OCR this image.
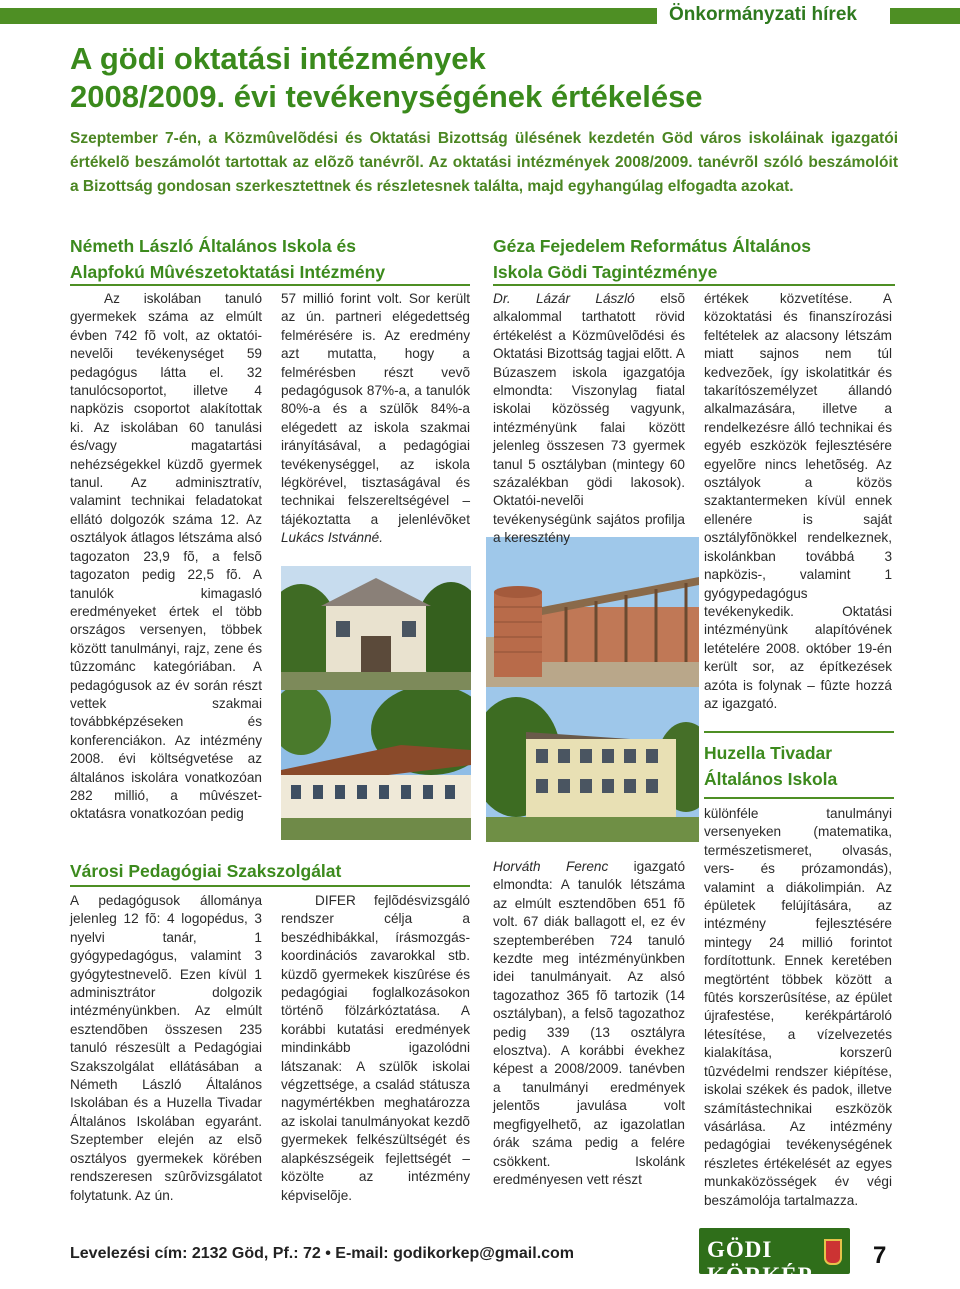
Önkormányzati hírek
A gödi oktatási intézmények
2008/2009. évi tevékenységének értékelése

Szeptember 7-én, a Közmûvelõdési és Oktatási Bizottság ülésének kezdetén Göd város iskoláinak igazgatói értékelõ beszámolót tartottak az elõzõ tanévrõl. Az oktatási intézmények 2008/2009. tanévrõl szóló beszámolóit a Bizottság gondosan szerkesztettnek és részletesnek találta, majd egyhangúlag elfogadta azokat.

Németh László Általános Iskola és
Alapfokú Mûvészetoktatási Intézmény
Géza Fejedelem Református Általános
Iskola Gödi Tagintézménye

Az iskolában tanuló gyermekek száma az elmúlt évben 742 fõ volt, az oktatói-nevelõi tevékenységet 59 pedagógus látta el. 32 tanulócsoportot, illetve 4 napközis csoportot alakítottak ki. Az iskolában 60 tanulási és/vagy magatartási nehézségekkel küzdõ gyermek tanul. Az adminisztratív, valamint technikai feladatokat ellátó dolgozók száma 12. Az osztályok átlagos létszáma alsó tagozaton 23,9 fõ, a felsõ tagozaton pedig 22,5 fõ. A tanulók kimagasló eredményeket értek el több országos versenyen, többek között tanulmányi, rajz, zene és tûzzománc kategóriában. A pedagógusok az év során részt vettek szakmai továbbképzéseken és konferenciákon. Az intézmény 2008. évi költségvetése az általános iskolára vonatkozóan 282 millió, a mûvészet-oktatásra vonatkozóan pedig

57 millió forint volt. Sor került az ún. partneri elégedettség felmérésére is. Az eredmény azt mutatta, hogy a felmérésben részt vevõ pedagógusok 87%-a, a tanulók 80%-a és a szülõk 84%-a elégedett az iskola szakmai irányításával, a pedagógiai tevékenységgel, az iskola légkörével, tisztaságával és technikai felszereltségével – tájékoztatta a jelenlévõket Lukács Istvánné.

Dr. Lázár László elsõ alkalommal tarthatott rövid értékelést a Közmûvelõdési és Oktatási Bizottság tagjai elõtt. A Búzaszem iskola igazgatója elmondta: Viszonylag fiatal iskolai közösség vagyunk, intézményünk falai között jelenleg összesen 73 gyermek tanul 5 osztályban (mintegy 60 százalékban gödi lakosok). Oktatói-nevelõi tevékenységünk sajátos profilja a keresztény

értékek közvetítése. A közoktatási és finanszírozási feltételek az alacsony létszám miatt sajnos nem túl kedvezõek, így iskolatitkár és takarítószemélyzet állandó alkalmazására, illetve a rendelkezésre álló technikai és egyéb eszközök fejlesztésére egyelõre nincs lehetõség. Az osztályok a közös szaktantermeken kívül ennek ellenére is saját osztályfõnökkel rendelkeznek, iskolánkban továbbá 3 napközis-, valamint 1 gyógypedagógus tevékenykedik. Oktatási intézményünk alapítóvének letételére 2008. október 19-én került sor, az építkezések azóta is folynak – fûzte hozzá az igazgató.

Huzella Tivadar
Általános Iskola

Horváth Ferenc igazgató elmondta: A tanulók létszáma az elmúlt esztendõben 651 fõ volt. 67 diák ballagott el, ez év szeptemberében 724 tanuló kezdte meg intézményünkben idei tanulmányait. Az alsó tagozathoz 365 fõ tartozik (14 osztályban), a felsõ tagozathoz pedig 339 (13 osztályra elosztva). A korábbi évekhez képest a 2008/2009. tanévben a tanulmányi eredmények jelentõs javulása volt megfigyelhetõ, az igazolatlan órák száma pedig a felére csökkent. Iskolánk eredményesen vett részt

különféle tanulmányi versenyeken (matematika, természetismeret, olvasás, vers- és prózamondás), valamint a diákolimpián. Az épületek felújítására, az intézmény fejlesztésére mintegy 24 millió forintot fordítottunk. Ennek keretében megtörtént többek között a fûtés korszerûsítése, az épület újrafestése, kerékpártároló létesítése, a vízelvezetés kialakítása, korszerû tûzvédelmi rendszer kiépítése, iskolai székek és padok, illetve számítástechnikai eszközök vásárlása. Az intézmény pedagógiai tevékenységének részletes értékelését az egyes munkaközösségek év végi beszámolója tartalmazza.

Városi Pedagógiai Szakszolgálat

A pedagógusok állománya jelenleg 12 fõ: 4 logopédus, 3 nyelvi tanár, 1 gyógypedagógus, valamint 3 gyógytestnevelõ. Ezen kívül 1 adminisztrátor dolgozik intézményünkben. Az elmúlt esztendõben összesen 235 tanuló részesült a Pedagógiai Szakszolgálat ellátásában a Németh László Általános Iskolában és a Huzella Tivadar Általános Iskolában egyaránt. Szeptember elején az elsõ osztályos gyermekek körében rendszeresen szûrõvizsgálatot folytatunk. Az ún.

DIFER fejlõdésvizsgáló rendszer célja a beszédhibákkal, írásmozgás-koordinációs zavarokkal stb. küzdõ gyermekek kiszûrése és pedagógiai foglalkozásokon történõ fölzárkóztatása. A korábbi kutatási eredmények mindinkább igazolódni látszanak: A szülõk iskolai végzettsége, a család státusza nagymértékben meghatározza az iskolai tanulmányokat kezdõ gyermekek felkészültségét és alapkészségeik fejlettségét – közölte az intézmény képviselõje.

Levelezési cím: 2132 Göd, Pf.: 72 • E-mail: godikorkep@gmail.com	GÖDI KÖRKÉP
7
